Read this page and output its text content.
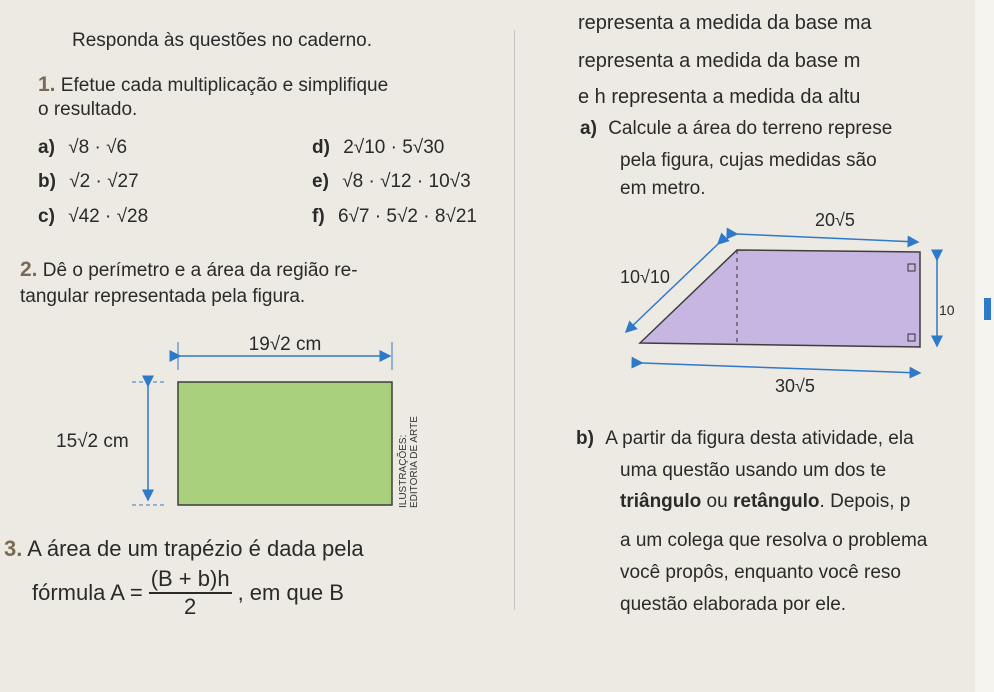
Responda às questões no caderno.
1. Efetue cada multiplicação e simplifique
o resultado.
a) √8 · √6
b) √2 · √27
c) √42 · √28
d) 2√10 · 5√30
e) √8 · √12 · 10√3
f) 6√7 · 5√2 · 8√21
2. Dê o perímetro e a área da região re-
tangular representada pela figura.
19√2 cm
15√2 cm	ILUSTRAÇÕES: EDITORIA DE ARTE
3. A área de um trapézio é dada pela
fórmula $A = \frac{(B + b)h}{2}$ , em que B
representa a medida da base ma
representa a medida da base m
e h representa a medida da altu
a) Calcule a área do terreno represe
pela figura, cujas medidas são
em metro.
20√5
10√10
10
30√5
b) A partir da figura desta atividade, ela
uma questão usando um dos te
triângulo ou retângulo. Depois, p
a um colega que resolva o problema
você propôs, enquanto você reso
questão elaborada por ele.
